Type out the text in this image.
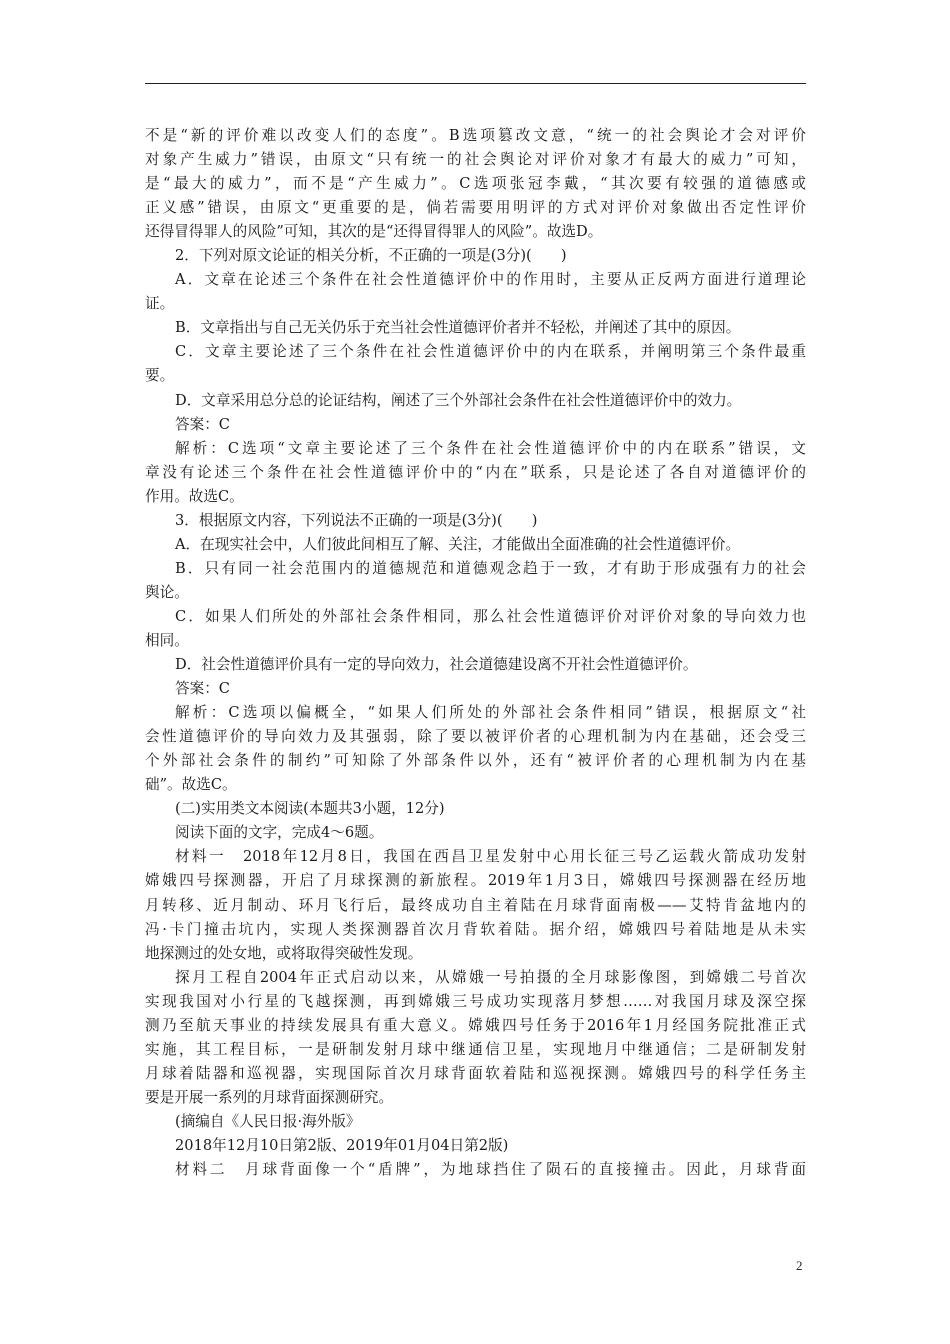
不是“新的评价难以改变人们的态度”。B选项篡改文意，“统一的社会舆论才会对评价
对象产生威力”错误，由原文“只有统一的社会舆论对评价对象才有最大的威力”可知，
是“最大的威力”，而不是“产生威力”。C选项张冠李戴，“其次要有较强的道德感或
正义感”错误，由原文“更重要的是，倘若需要用明评的方式对评价对象做出否定性评价
还得冒得罪人的风险”可知，其次的是“还得冒得罪人的风险”。故选D。
2．下列对原文论证的相关分析，不正确的一项是(3分)(　　)
A．文章在论述三个条件在社会性道德评价中的作用时，主要从正反两方面进行道理论
证。
B．文章指出与自己无关仍乐于充当社会性道德评价者并不轻松，并阐述了其中的原因。
C．文章主要论述了三个条件在社会性道德评价中的内在联系，并阐明第三个条件最重
要。
D．文章采用总分总的论证结构，阐述了三个外部社会条件在社会性道德评价中的效力。
答案：C
解析：C选项“文章主要论述了三个条件在社会性道德评价中的内在联系”错误，文
章没有论述三个条件在社会性道德评价中的“内在”联系，只是论述了各自对道德评价的
作用。故选C。
3．根据原文内容，下列说法不正确的一项是(3分)(　　)
A．在现实社会中，人们彼此间相互了解、关注，才能做出全面准确的社会性道德评价。
B．只有同一社会范围内的道德规范和道德观念趋于一致，才有助于形成强有力的社会
舆论。
C．如果人们所处的外部社会条件相同，那么社会性道德评价对评价对象的导向效力也
相同。
D．社会性道德评价具有一定的导向效力，社会道德建设离不开社会性道德评价。
答案：C
解析：C选项以偏概全，“如果人们所处的外部社会条件相同”错误，根据原文“社
会性道德评价的导向效力及其强弱，除了要以被评价者的心理机制为内在基础，还会受三
个外部社会条件的制约”可知除了外部条件以外，还有“被评价者的心理机制为内在基
础”。故选C。
(二)实用类文本阅读(本题共3小题，12分)
阅读下面的文字，完成4～6题。
材料一　2018年12月8日，我国在西昌卫星发射中心用长征三号乙运载火箭成功发射
嫦娥四号探测器，开启了月球探测的新旅程。2019年1月3日，嫦娥四号探测器在经历地
月转移、近月制动、环月飞行后，最终成功自主着陆在月球背面南极——艾特肯盆地内的
冯·卡门撞击坑内，实现人类探测器首次月背软着陆。据介绍，嫦娥四号着陆地是从未实
地探测过的处女地，或将取得突破性发现。
探月工程自2004年正式启动以来，从嫦娥一号拍摄的全月球影像图，到嫦娥二号首次
实现我国对小行星的飞越探测，再到嫦娥三号成功实现落月梦想……对我国月球及深空探
测乃至航天事业的持续发展具有重大意义。嫦娥四号任务于2016年1月经国务院批准正式
实施，其工程目标，一是研制发射月球中继通信卫星，实现地月中继通信；二是研制发射
月球着陆器和巡视器，实现国际首次月球背面软着陆和巡视探测。嫦娥四号的科学任务主
要是开展一系列的月球背面探测研究。
(摘编自《人民日报·海外版》
2018年12月10日第2版、2019年01月04日第2版)
材料二　月球背面像一个“盾牌”，为地球挡住了陨石的直接撞击。因此，月球背面
2
